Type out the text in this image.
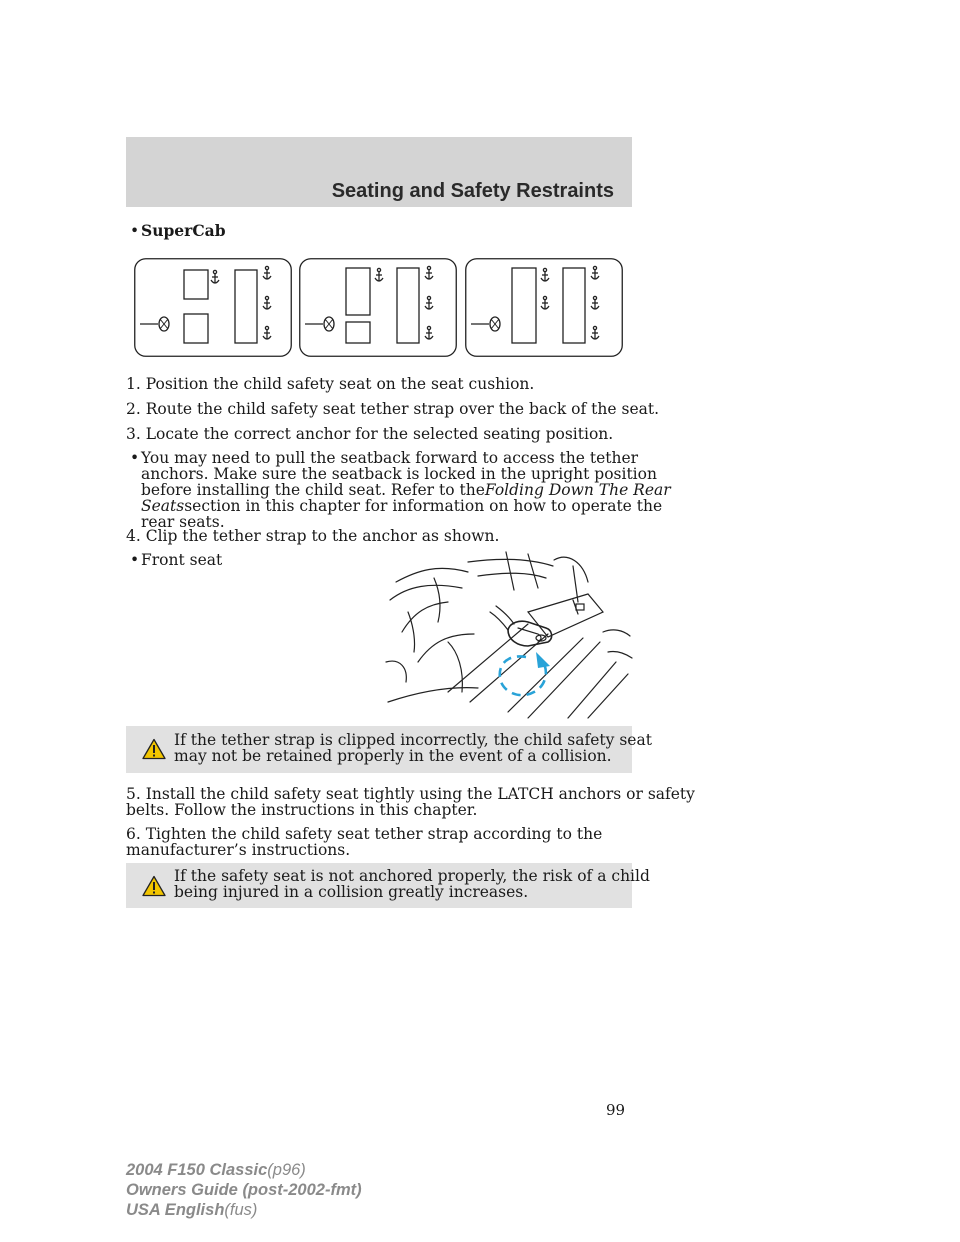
Seating and Safety Restraints
• SuperCab
1. Position the child safety seat on the seat cushion.
2. Route the child safety seat tether strap over the back of the seat.
3. Locate the correct anchor for the selected seating position.
• You may need to pull the seatback forward to access the tether
anchors. Make sure the seatback is locked in the upright position
before installing the child seat. Refer to theFolding Down The Rear
Seatssection in this chapter for information on how to operate the
rear seats.
4. Clip the tether strap to the anchor as shown.
• Front seat
If the tether strap is clipped incorrectly, the child safety seat
may not be retained properly in the event of a collision.
5. Install the child safety seat tightly using the LATCH anchors or safety
belts. Follow the instructions in this chapter.
6. Tighten the child safety seat tether strap according to the
manufacturer’s instructions.
If the safety seat is not anchored properly, the risk of a child
being injured in a collision greatly increases.
99
2004 F150 Classic(p96)
Owners Guide (post-2002-fmt)
USA English(fus)
